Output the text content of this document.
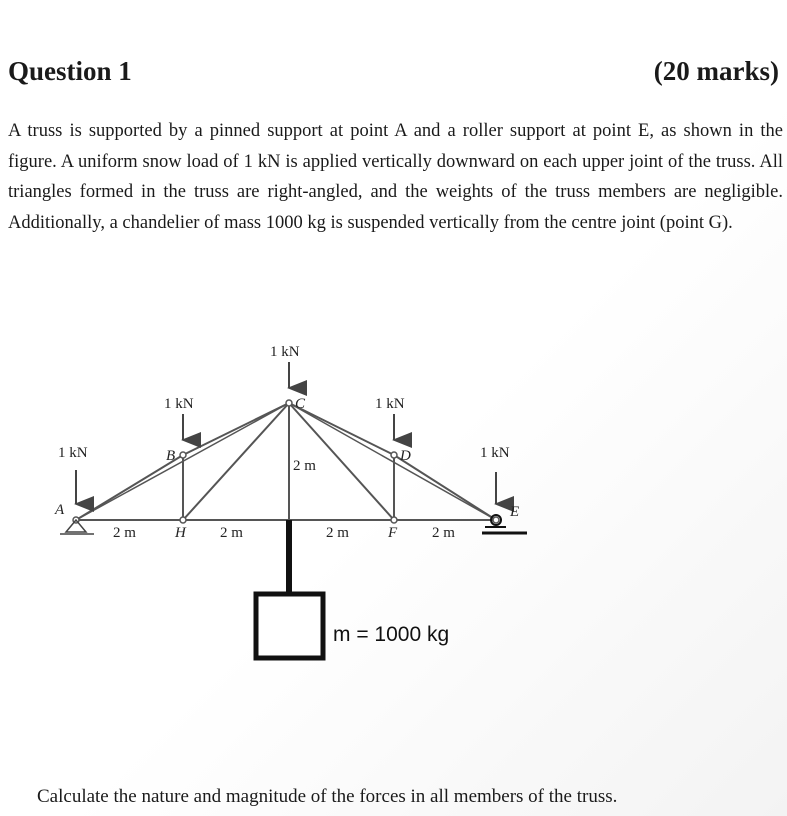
Question 1	(20 marks)
A truss is supported by a pinned support at point A and a roller support at point E, as shown in the figure. A uniform snow load of 1 kN is applied vertically downward on each upper joint of the truss. All triangles formed in the truss are right-angled, and the weights of the truss members are negligible. Additionally, a chandelier of mass 1000 kg is suspended vertically from the centre joint (point G).
1 kN
1 kN
1 kN
1 kN
1 kN
A
B
C
D
E
H	F
2 m	2 m	2 m	2 m
2 m
m = 1000 kg
Calculate the nature and magnitude of the forces in all members of the truss.
